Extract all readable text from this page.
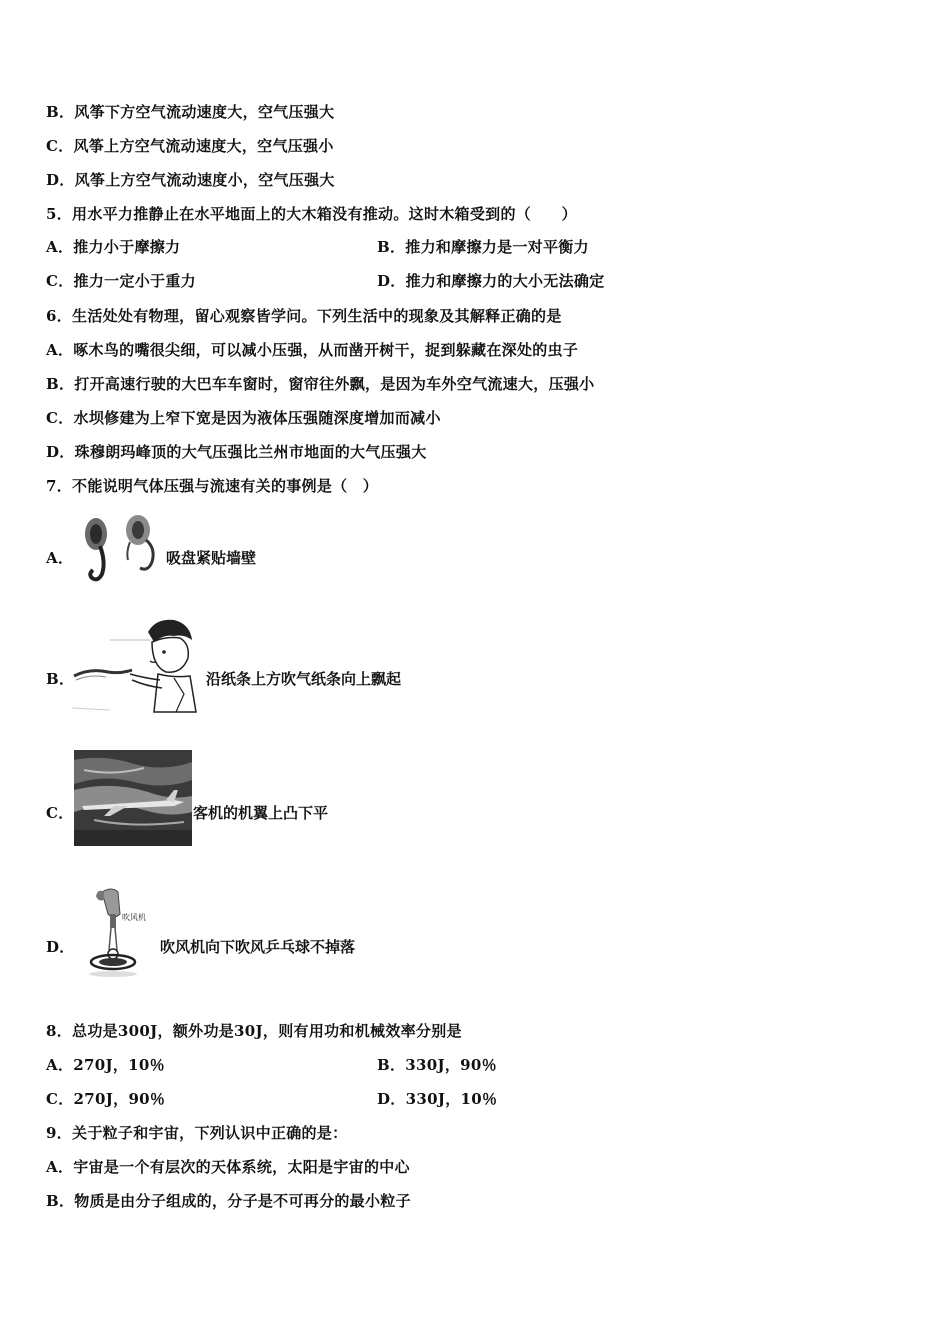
B．风筝下方空气流动速度大，空气压强大
C．风筝上方空气流动速度大，空气压强小
D．风筝上方空气流动速度小，空气压强大
5．用水平力推静止在水平地面上的大木箱没有推动。这时木箱受到的（　　）
A．推力小于摩擦力	B．推力和摩擦力是一对平衡力
C．推力一定小于重力	D．推力和摩擦力的大小无法确定
6．生活处处有物理，留心观察皆学问。下列生活中的现象及其解释正确的是
A．啄木鸟的嘴很尖细，可以减小压强，从而凿开树干，捉到躲藏在深处的虫子
B．打开高速行驶的大巴车车窗时，窗帘往外飘，是因为车外空气流速大，压强小
C．水坝修建为上窄下宽是因为液体压强随深度增加而减小
D．珠穆朗玛峰顶的大气压强比兰州市地面的大气压强大
7．不能说明气体压强与流速有关的事例是（　）
A．	吸盘紧贴墙壁
B．	沿纸条上方吹气纸条向上飘起
C．	客机的机翼上凸下平
D．
吹风机
吹风机向下吹风乒乓球不掉落
8．总功是300J，额外功是30J，则有用功和机械效率分别是
A．270J，10％	B．330J，90％
C．270J，90％	D．330J，10％
9．关于粒子和宇宙，下列认识中正确的是：
A．宇宙是一个有层次的天体系统，太阳是宇宙的中心
B．物质是由分子组成的，分子是不可再分的最小粒子
